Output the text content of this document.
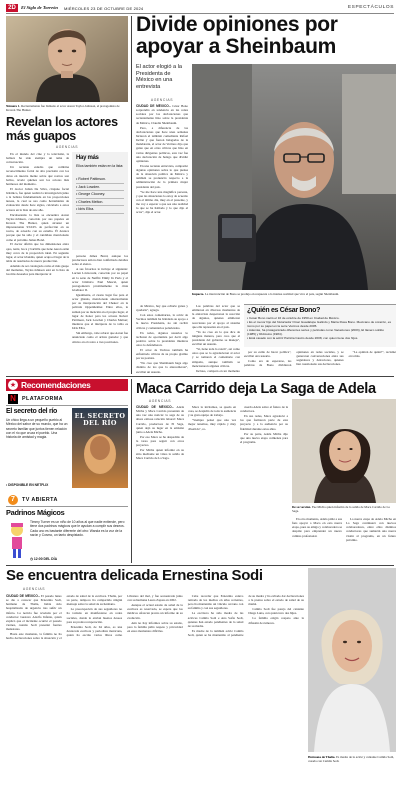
2D	El Siglo de Torreón MIÉRCOLES 23 DE OCTUBRE DE 2024	ESPECTÁCULOS
Número 1. Recientemente fue llamado el actor Aaron Taylor-Johnson, el protagonista de Kraven The Hunter.
Revelan los actores más guapos
AGENCIAS

En el mundo del cine y la televisión, la belleza ha sido siempre un tema de conversación.

Un reciente estudio que combina reconocimiento facial de alta precisión con los datos en nuestra mente sobre qué rostros son bellos, reveló quiénes son los actores más hermosos del momento.

El doctor Julian De Silva, cirujano facial británico, fue quien realizó la investigación junto a la belleza fundamentada en las proporciones áureas, la cual se usa como herramienta de evaluación desde hace siglos, calculada a estos actores en la lista de este año.

Encabezando la lista se encuentra Aaron Taylor-Johnson, conocido por sus papeles en Kraven The Hunter, quien alcanzó un impresionante 93.04% de perfección en su rostro, de acuerdo con su estudio. Él destaca porque que ha sido y el candidato mencionado como el próximo James Bond.

El doctor afirmó que los dimensiones entre ojos, nariz, boca y barbilla que tiene Aaron están muy cerca de la proporción ideal. En segundo lugar, el actor irlandés, quien ocupa el lugar de la tabla de resultados de nueva producción.

Además de ser catalogado como el más guapo del momento, Taylor-Johnson está en la lista de los más deseados para interpretar al

Hay más
Ellos también están en la lista:
• Robert Pattinson.
• Jack Lowden.
• George Clooney.
• Charles Melton.
• Idris Elba.

persona James Bond, aunque los productores aún no han confirmado detalles sobre el elenco.

A sus favoritos le incluye el siguiente: Lucien Laviscount, conocido por su papel en la serie de Netflix Emily In Paris y el actor británico Paul Mescal, quien protagonizará próximamente la cinta Gladiator II.

Igualmente, el cuarto lugar fue para el actor ghanés, mencionado anteriormente por su interpretación del Chekov en la película Oppenheimer. Entre ellos, le suman por su mención en el propio lugar, el lugar de honor para los actores Robert Pattinson, Jack Lowden y Charles Melton; mientras que el intérprete de la tabla es Idris Elba.

Sin embargo, cabe aclarar que Aaron fue anunciado como el artista ganador y que obtuvo en el rostro a tres posiciones.

Divide opiniones por
apoyar a Sheinbaum
El actor elogió a la Presidenta de México en una entrevista
AGENCIAS

CIUDAD DE MÉXICO.- César Bono sorprendió en tendencia en las redes sociales por las declaraciones que recientemente hizo sobre la presidenta de México, Claudia Sheinbaum.

Pero, a diferencia de las declaraciones que hace unas semanas hicieron el también comediante Rafael Inclán y que fueron halagadas de la mandataria, el actor de Vecinos dijo que gente que en otras críticas que hizo en varias dirigentes políticos, esta vez fue una declaración de halago que dividió opiniones.

En una reciente entrevista, compartió algunas opiniones sobre lo que piensa de la situación política de México y también se pronunció respecto a la administración de la primera mujer presidenta del país.

"Se me hace una magnífica persona, y que las situaciones lo estoy de acuerdo con el último día, muy en el presente, y me voy a esperar a que sea una realidad lo que se ha hablado y lo que dijo el actor", dijo el actor.

Impacto. La intervención de Bono se produjo en respuesta a la intensa realidad que vive el país, según Sheinbaum.
¿Quién es César Bono?
▪ César Bono nació el 16 de octubre de 1950 en Ciudad de México.
▪ Es el menor hijo del historiador Omar Guadalupe Galindo y María Rosa Bono. Mexicano de corazón, es ícono por su papel en la serie Vecinos desde 2005.
▪ Además, ha protagonizado diferentes series y películas como Vacaciones (2003), El llanero solitito (1985) y Ridículos (1984).
▪ Está casado con la actriz Patricia Castro desde 2008, con quien tiene dos hijos.

Las palabras del actor que se emitieron en diversos momentos de la entrevista despertaron la reacción de algunos, quienes emitieron reacciones por el apoyo al sistema que ella representa en el país.

"Yo no creo en lo que dice de ninguna manera, pero creo que el presidente del gobierno se maneja", escribió un usuario.

"Sí, tiene toda la razón", así como otros que se lo agradecieron al actor y se tomaron el comentario con simpatía, aunque también se mencionaron algunas críticas.

Incluso, comparó en un momento

de México, hay que echarle ganas y ayudarla", agregó.

Con estos comentarios, la actriz de Vecinos también ha brindado su apoyo a la nueva Presidenta, no sin recibir críticas y comentarios polarizados.

En redes, algunos usuarios lo tacharon de oportunista por decir algo positivo sobre la presidenta mientras otros lo defendieron.

El actor de Vecinos también ha enfrentado críticas de su propio gremio por su postura.

"No creo que Sheinbaum haga algo distinto de los que la antecedieron", escribió un usuario.

por su estilo de hacer política", escribió otra usuaria.

Como era de esperarse, las palabras de Bono dividieron opiniones en redes sociales, y se generaron conversaciones entre sus seguidores y detractores, quienes han cuestionado sus declaraciones.

"La opinión de quién?", reclamó otra más.

★ Recomendaciones
N	PLATAFORMA
El secreto del río
Un chico llega a un pequeño pueblo al México del sabor de su mundo, que ha un secreto familiar que juntos tienen relación con el río que cruza el pueblo. Una historia de amistad y magia.
• DISPONIBLE EN NETFLIX
EL SECRETO DEL RÍO
7	TV ABIERTA
Padrinos Mágicos
Timmy Turner es un niño de 10 años al que nadie entiende, pero tiene dos padrinos mágicos que le ayudan a cumplir sus deseos. Cada uno es bastante diferente del otro: Wanda es la voz de la razón y Cosmo, un tanto despistado.
◷ 12:00 DEL DÍA
Maca Carrido deja La Saga de Adela
AGENCIAS

CIUDAD DE MÉXICO.- Adela Micha y Maca Carrido presentan de una vez una noticia: la saga de su ahora exitosa relación laboral: Maca Carrido, productora de El Saga, quien dejó su lugar en la emisión junto a Adela Micha.

Por eso Maca se ha despedido de la tarea para seguir con otros proyectos.

Por Micha quien informó en su sitio mediante un video la salida de Maca Carrido de La Saga.

Maca la invitamos, se queda en casa, se despidió de toda la audiencia y su gran equipo de trabajo.

"Siempre pensé que una vez mejor tenemos, muy rápido y muy divertido", re-

cuerda Adela sobre el futuro de la conductora.

En sus redes, Maca agradeció a los que formaron parte de este proyecto y a la audiencia por su fidelidad durante estos años.

Por su parte, Adela Micha dijo que una nueva etapa comienza para el programa.

De su versión. Fue Micha quien informó de la salida de Maca Carrido de La Saga.

En otro momento, Adela pidió a sus fans apoyar a Maca en esta nueva etapa, pues su amiga y colaboradora se despide para emprender un nuevo camino profesional.

La nueva etapa de Adela Micha en La Saga continuará con nuevos colaboradores, entre ellos distintos conductores que sumarán una nueva visión al programa, en un futuro próximo.

Se encuentra delicada Ernestina Sodi
AGENCIAS

CIUDAD DE MÉXICO.- El pasado lunes se dio a conocer que Ernestina Sodi, hermana de Thalía, había sido hospitalizada de urgencia tras sufrir un infarto. La noticia fue revelada por el conductor Gustavo Adolfo Infante, quien explicó que el incidente ocurrió el pasado viernes, cuando Sodi presentó fuertes malestares.

Hasta este momento, la familia no ha hecho declaraciones sobre la situación y el estado de salud de la escritora. Thalía, por su parte, tampoco ha compartido ningún mensaje sobre la salud de su hermana.

La preocupación de sus seguidores no ha tardado en manifestarse en redes sociales, donde le envían buenos deseos para su pronta recuperación.

Ernestina Sodi, de 64 años, es una destacada escritora y periodista mexicana, quien ha escrito varios libros como Líbranos del mal, y fue secuestrada junto con su hermana Laura Zapata en 2002.

Aunque el actual estado de salud de la escritora es reservado, se espera que los médicos ofrezcan pronto un informe de su evolución.

Aún no hay informes sobre su estado, pero la familia pidió respeto y privacidad en estos momentos difíciles.

Cabe recordar que Ernestina estuvo retirada de los medios en años recientes, pero ha mantenido un vínculo cercano con su familia y con sus seguidores.

La escritora ha sido madre de las actrices Camila Sodi e Ana Sofía Sodi, quienes han estado pendientes de la salud de su madre.

Es madre de la también actriz Camila Sodi, quien se ha mantenido al pendiente de su madre y ha evitado dar declaraciones a la prensa sobre el estado de salud de su mamá.

Camila Sodi fue pareja del cantante Diego Luna, con quien tuvo dos hijos.

La familia exigió respeto ante la difusión de rumores.

Hermana de Thalía. Es madre de la actriz y cantante Camila Sodi, casada con Camila Sodi.
